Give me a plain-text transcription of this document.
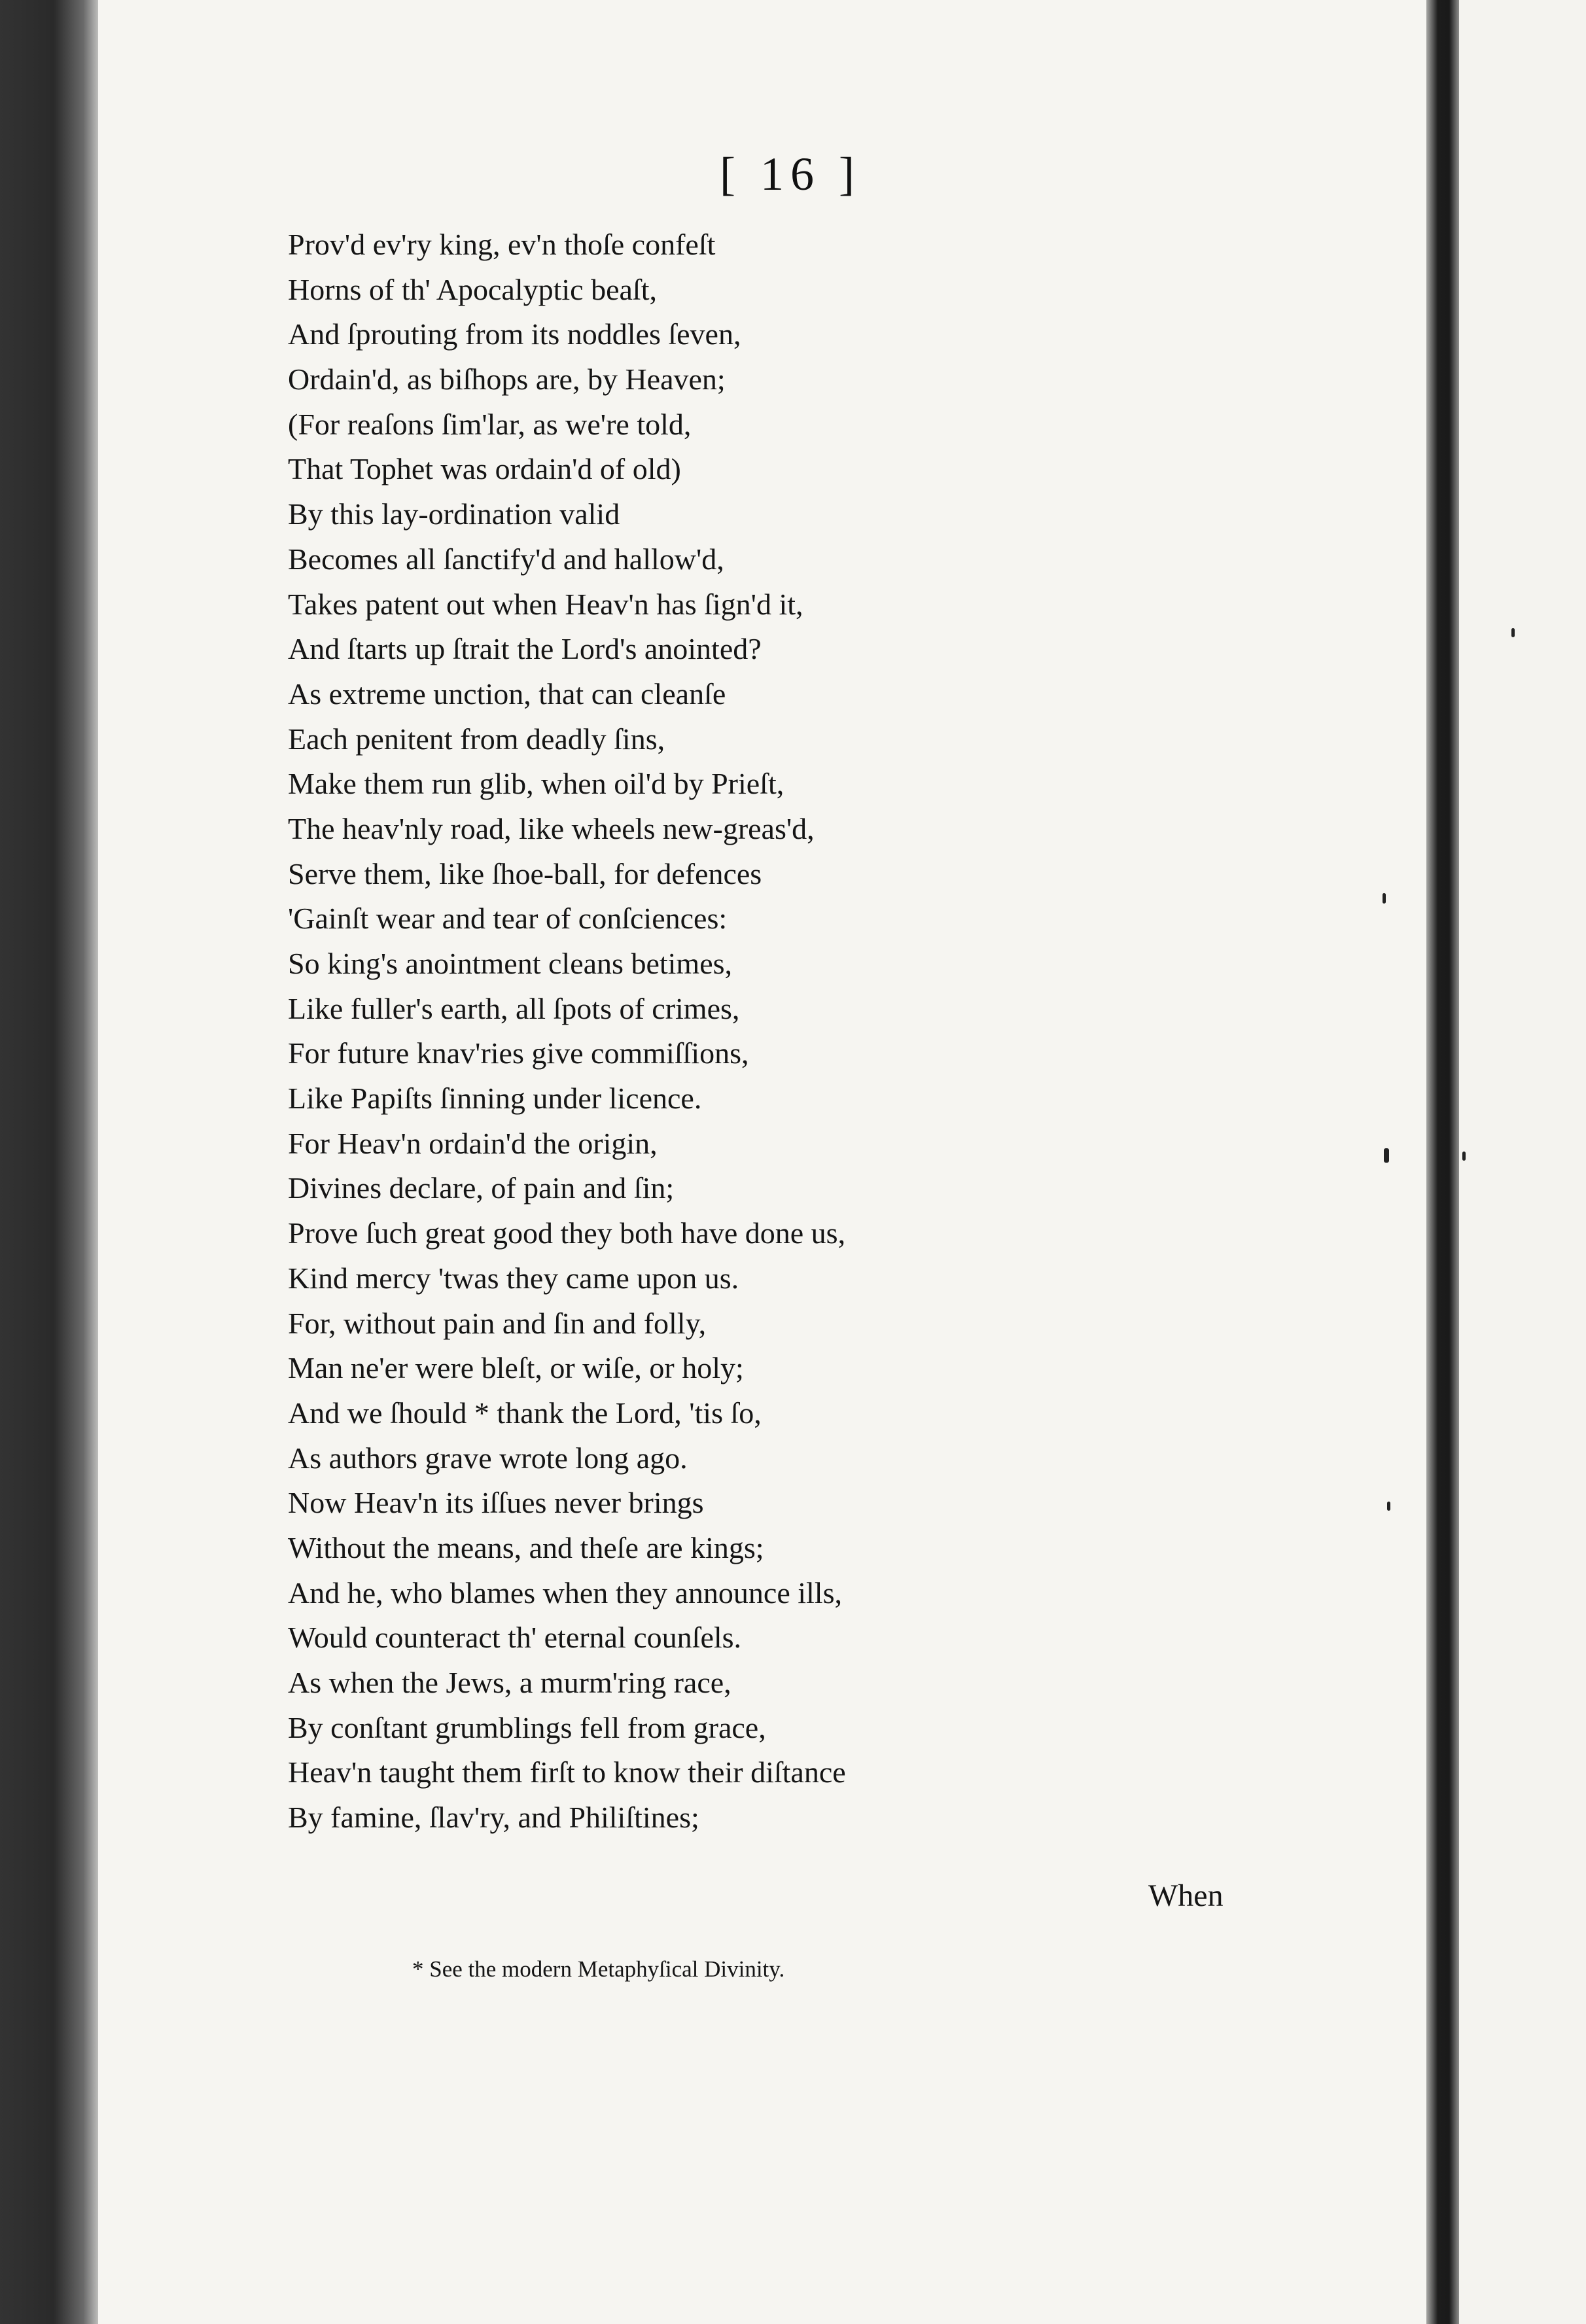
[ 16 ]
Prov'd ev'ry king, ev'n thoſe confeſt
Horns of th' Apocalyptic beaſt,
And ſprouting from its noddles ſeven,
Ordain'd, as biſhops are, by Heaven;
(For reaſons ſim'lar, as we're told,
That Tophet was ordain'd of old)
By this lay-ordination valid
Becomes all ſanctify'd and hallow'd,
Takes patent out when Heav'n has ſign'd it,
And ſtarts up ſtrait the Lord's anointed?
As extreme unction, that can cleanſe
Each penitent from deadly ſins,
Make them run glib, when oil'd by Prieſt,
The heav'nly road, like wheels new-greas'd,
Serve them, like ſhoe-ball, for defences
'Gainſt wear and tear of conſciences:
So king's anointment cleans betimes,
Like fuller's earth, all ſpots of crimes,
For future knav'ries give commiſſions,
Like Papiſts ſinning under licence.
For Heav'n ordain'd the origin,
Divines declare, of pain and ſin;
Prove ſuch great good they both have done us,
Kind mercy 'twas they came upon us.
For, without pain and ſin and folly,
Man ne'er were bleſt, or wiſe, or holy;
And we ſhould * thank the Lord, 'tis ſo,
As authors grave wrote long ago.
Now Heav'n its iſſues never brings
Without the means, and theſe are kings;
And he, who blames when they announce ills,
Would counteract th' eternal counſels.
As when the Jews, a murm'ring race,
By conſtant grumblings fell from grace,
Heav'n taught them firſt to know their diſtance
By famine, ſlav'ry, and Philiſtines;
When
* See the modern Metaphyſical Divinity.
